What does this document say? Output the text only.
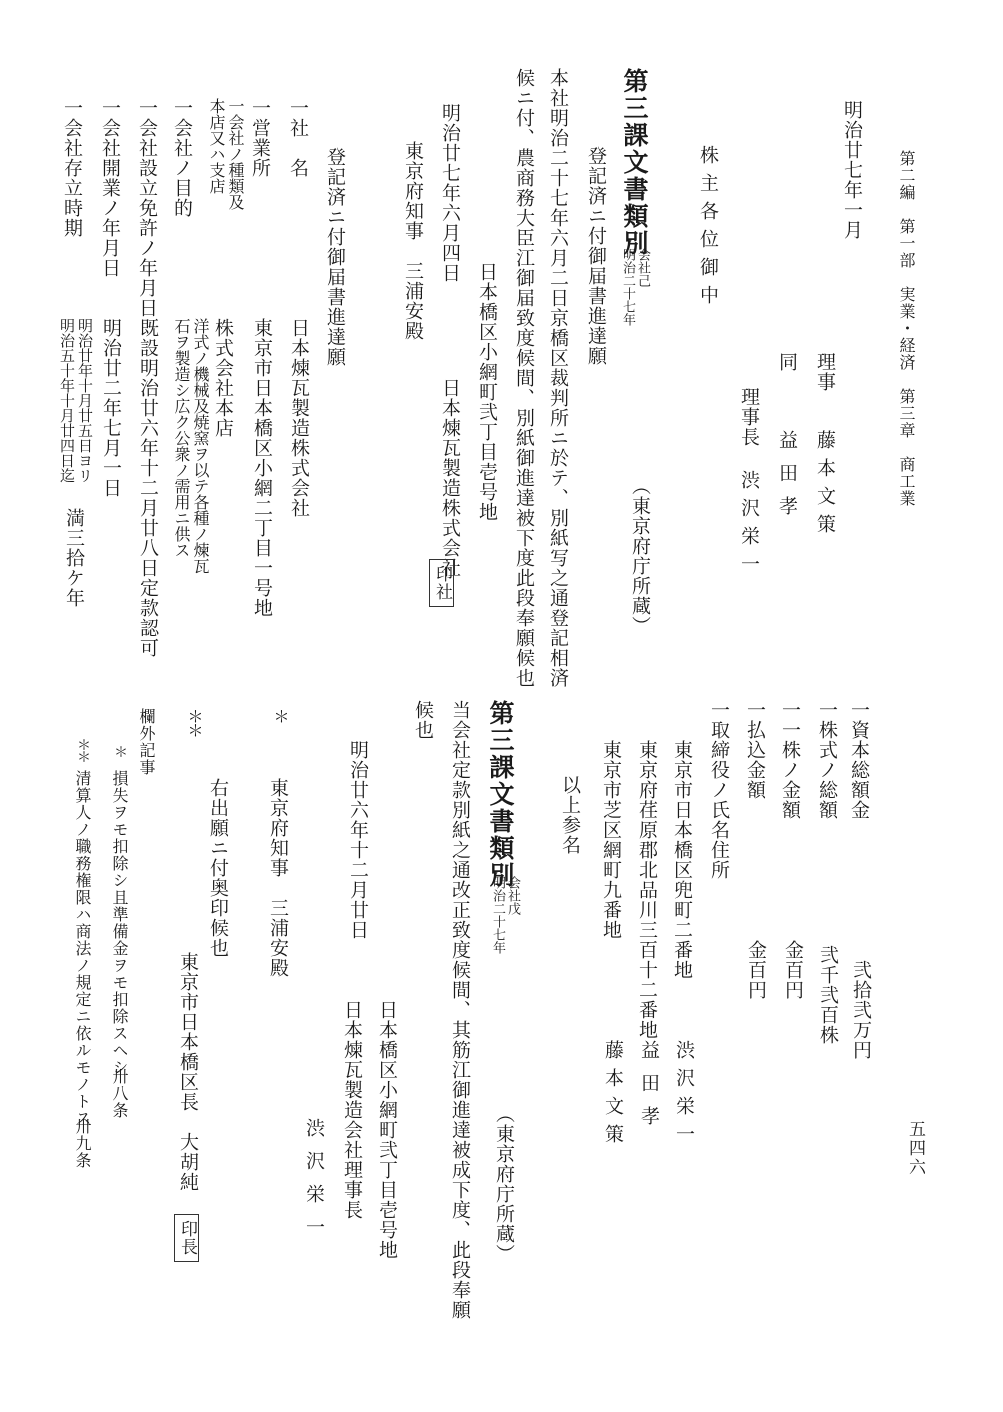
第二編　第一部　実業・経済　第三章　商工業
五四六
明治廿七年一月
理事
藤本文策
同
益田孝
理事長
渋沢栄一
株主各位御中
第三課文書類別
会社己
明治二十七年
（東京府庁所蔵）
登記済ニ付御届書進達願
本社明治二十七年六月二日京橋区裁判所ニ於テ、別紙写之通登記相済
候ニ付、農商務大臣江御届致度候間、別紙御進達被下度此段奉願候也
日本橋区小網町弐丁目壱号地
日本煉瓦製造株式会社
印社
明治廿七年六月四日
東京府知事　三浦安殿
登記済ニ付御届書進達願
一社　名
日本煉瓦製造株式会社
一営業所
東京市日本橋区小網二丁目一号地
一会社ノ種類及
本店又ハ支店
株式会社本店
一会社ノ目的
洋式ノ機械及焼窯ヲ以テ各種ノ煉瓦
石ヲ製造シ広ク公衆ノ需用ニ供ス
一会社設立免許ノ年月日
既設明治廿六年十二月廿八日定款認可
一会社開業ノ年月日
明治廿二年七月一日
一会社存立時期
明治廿年十月廿五日ヨリ
明治五十年十月廿四日迄
満三拾ケ年
一資本総額金
弐拾弐万円
一株式ノ総額
弐千弐百株
一一株ノ金額
金百円
一払込金額
金百円
一取締役ノ氏名住所
東京市日本橋区兜町二番地
渋沢栄一
東京府荏原郡北品川三百十二番地
益田孝
東京市芝区網町九番地
藤本文策
以上参名
第三課文書類別
会社戊
明治二十七年
（東京府庁所蔵）
当会社定款別紙之通改正致度候間、其筋江御進達被成下度、此段奉願
候也
日本橋区小網町弐丁目壱号地
日本煉瓦製造会社理事長
渋沢栄一
明治廿六年十二月廿日
＊
東京府知事　三浦安殿
＊＊
右出願ニ付奥印候也
東京市日本橋区長　大胡純
印長
欄外記事
＊
損失ヲモ扣除シ且準備金ヲモ扣除スヘシ
卅八条
＊＊
清算人ノ職務権限ハ商法ノ規定ニ依ルモノトス
卅九条
